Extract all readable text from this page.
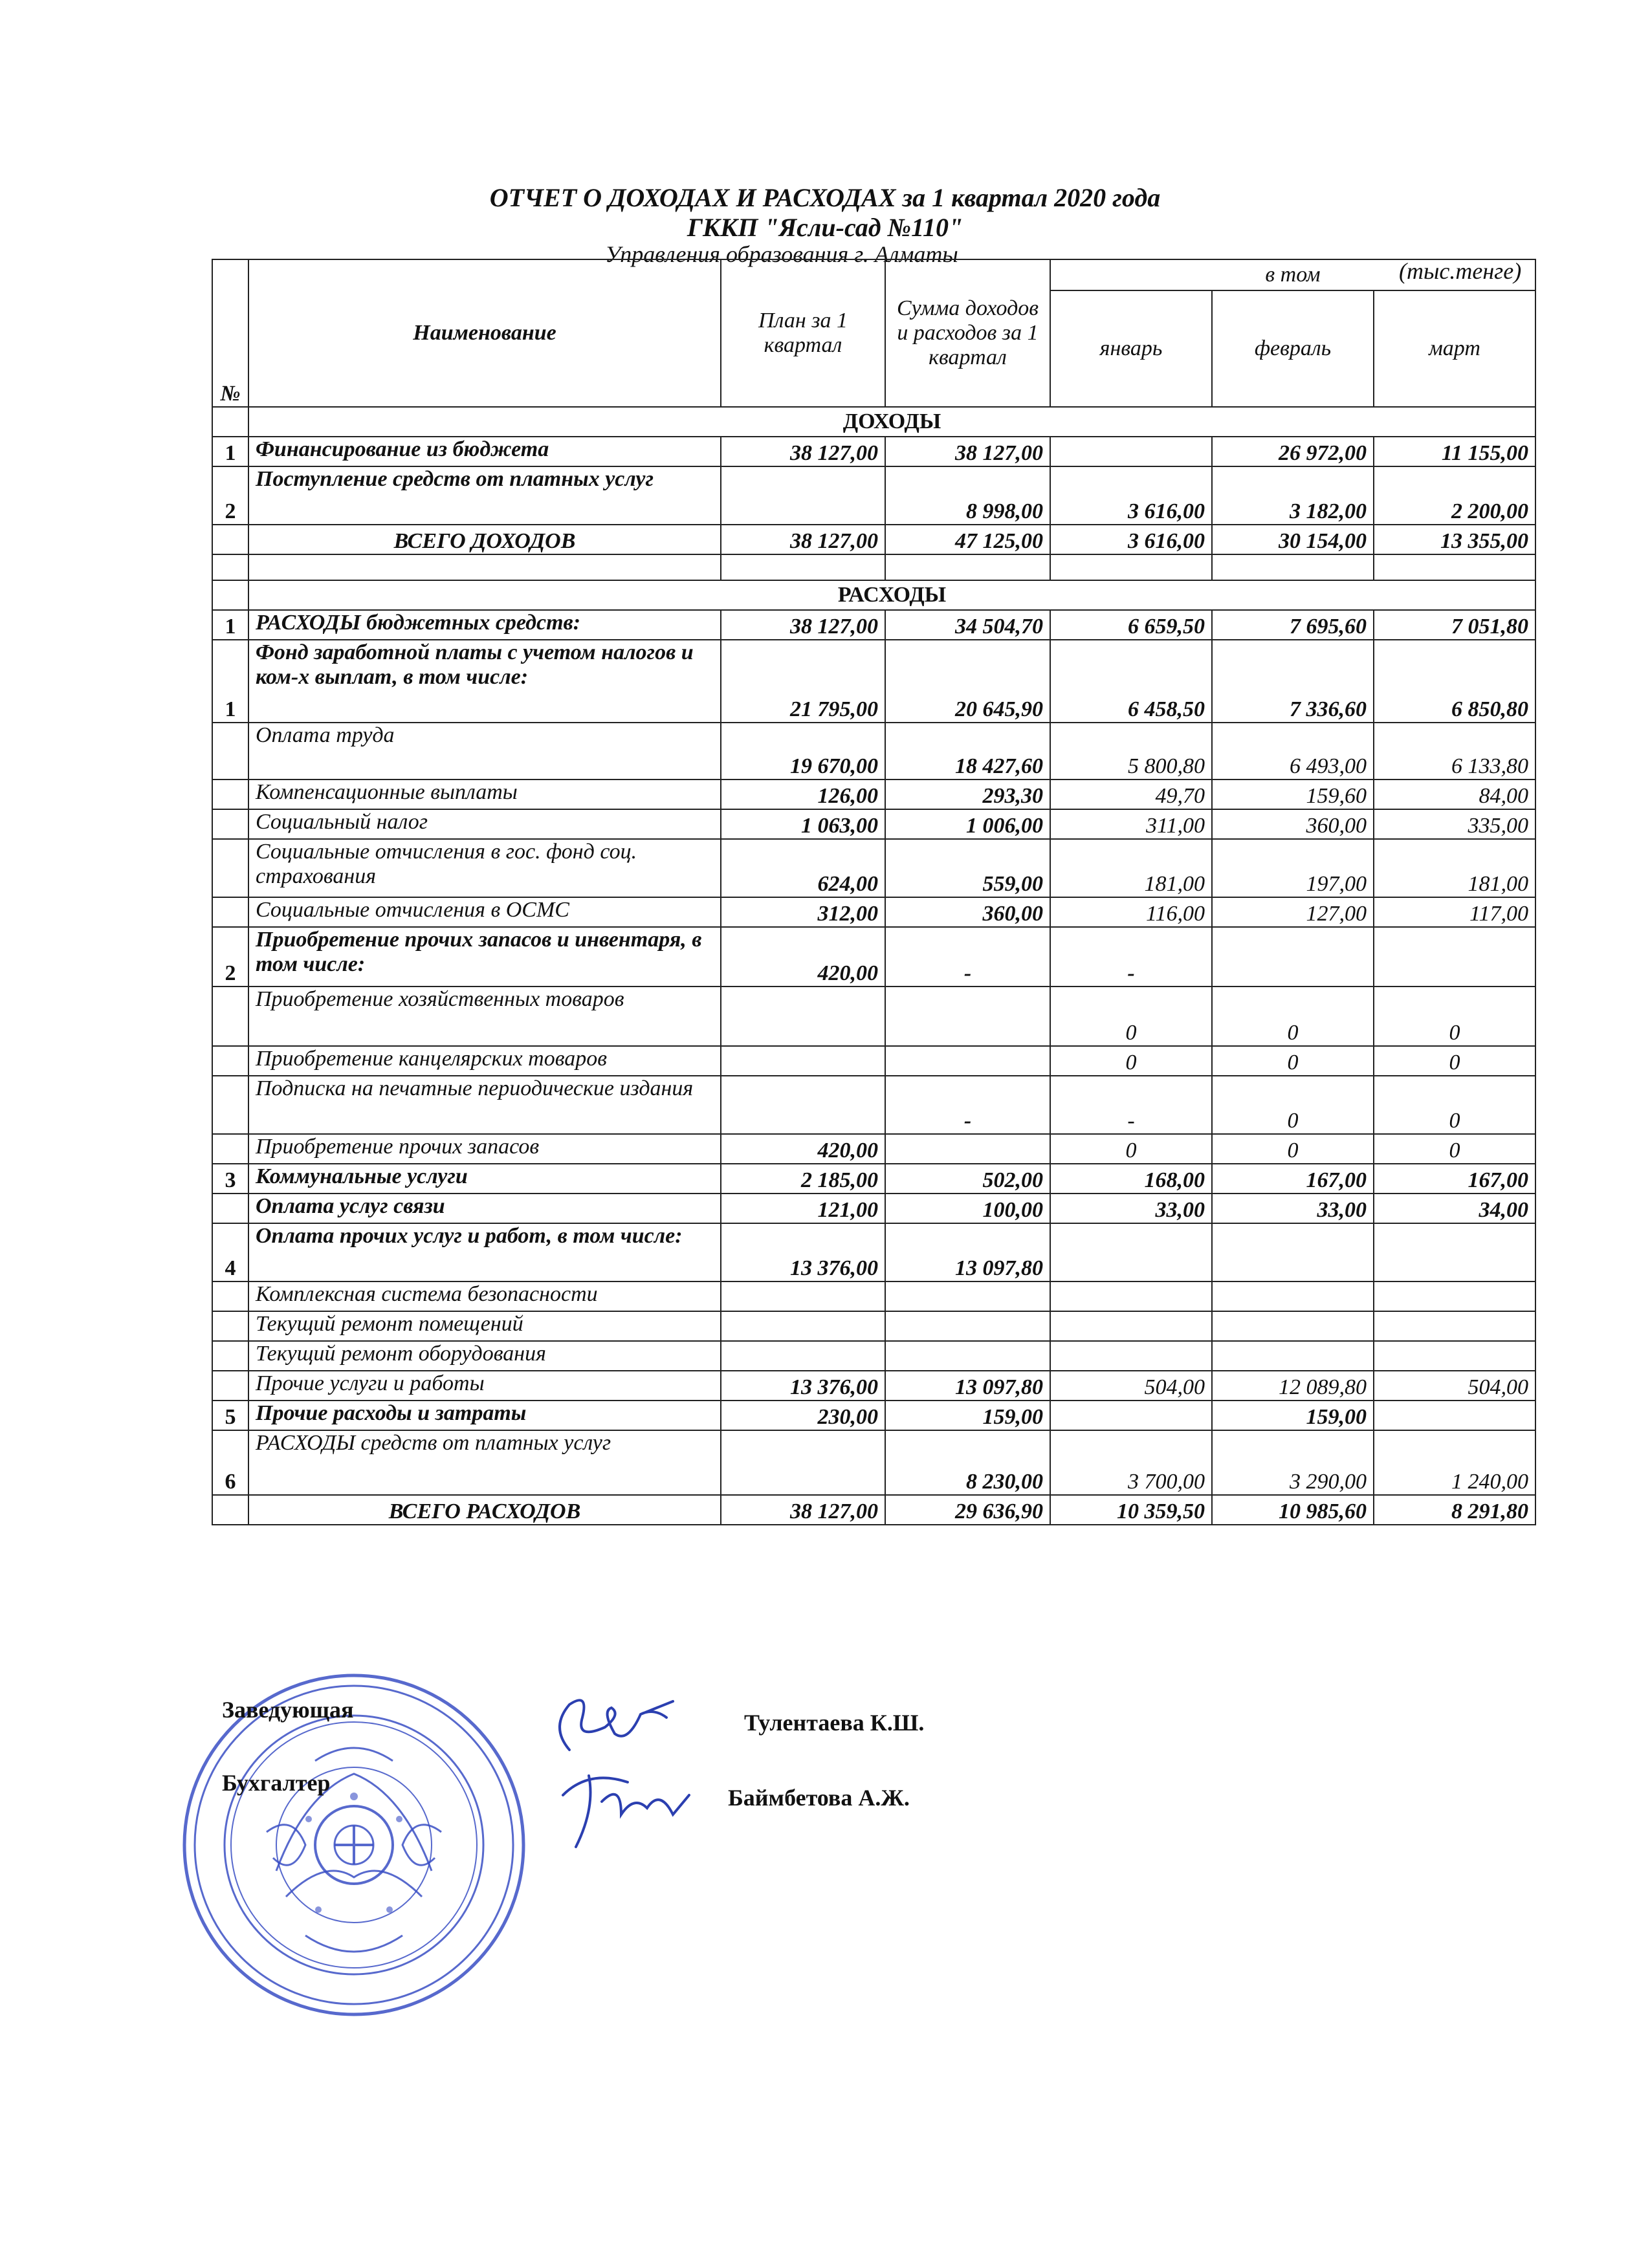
ОТЧЕТ О ДОХОДАХ И РАСХОДАХ за 1 квартал 2020 года
ГККП "Ясли-сад №110"
Управления образования г. Алматы
(тыс.тенге)
№	Наименование	План за 1 квартал	Сумма доходов и расходов за 1 квартал	в том		
				январь	февраль	март
	ДОХОДЫ					
1	Финансирование из бюджета	38 127,00	38 127,00		26 972,00	11 155,00
2	Поступление средств от платных услуг		8 998,00	3 616,00	3 182,00	2 200,00
	ВСЕГО ДОХОДОВ	38 127,00	47 125,00	3 616,00	30 154,00	13 355,00

	РАСХОДЫ					
1	РАСХОДЫ бюджетных средств:	38 127,00	34 504,70	6 659,50	7 695,60	7 051,80
1	Фонд заработной платы с учетом налогов и ком-х выплат, в том числе:	21 795,00	20 645,90	6 458,50	7 336,60	6 850,80
	Оплата труда	19 670,00	18 427,60	5 800,80	6 493,00	6 133,80
	Компенсационные выплаты	126,00	293,30	49,70	159,60	84,00
	Социальный налог	1 063,00	1 006,00	311,00	360,00	335,00
	Социальные отчисления в гос. фонд соц. страхования	624,00	559,00	181,00	197,00	181,00
	Социальные отчисления в ОСМС	312,00	360,00	116,00	127,00	117,00
2	Приобретение прочих запасов и инвентаря, в том числе:	420,00	-	-		
	Приобретение хозяйственных товаров			0	0	0
	Приобретение канцелярских товаров			0	0	0
	Подписка на печатные периодические издания		-	-	0	0
	Приобретение прочих запасов	420,00		0	0	0
3	Коммунальные услуги	2 185,00	502,00	168,00	167,00	167,00
	Оплата услуг связи	121,00	100,00	33,00	33,00	34,00
4	Оплата прочих услуг и работ, в том числе:	13 376,00	13 097,80			
	Комплексная система безопасности					
	Текущий ремонт помещений					
	Текущий ремонт оборудования					
	Прочие услуги и работы	13 376,00	13 097,80	504,00	12 089,80	504,00
5	Прочие расходы и затраты	230,00	159,00		159,00	
6	РАСХОДЫ средств от платных услуг		8 230,00	3 700,00	3 290,00	1 240,00
	ВСЕГО РАСХОДОВ	38 127,00	29 636,90	10 359,50	10 985,60	8 291,80
Заведующая	Тулентаева К.Ш.
Бухгалтер
Баймбетова А.Ж.
